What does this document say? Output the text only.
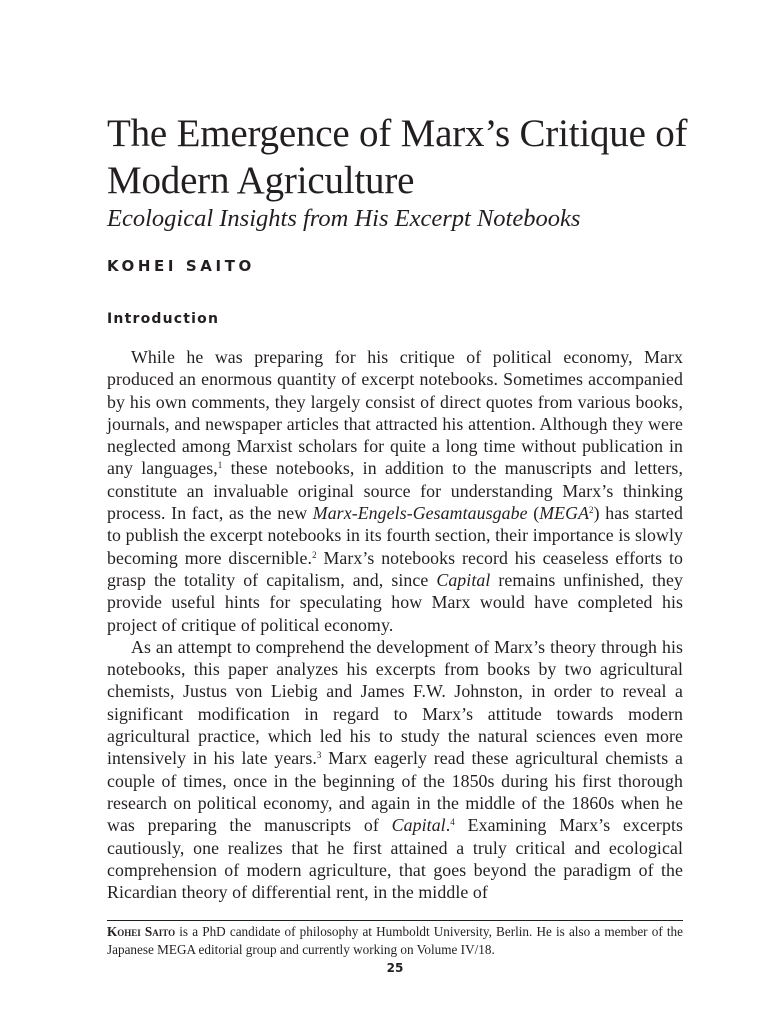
The Emergence of Marx’s Critique of Modern Agriculture
Ecological Insights from His Excerpt Notebooks
KOHEI SAITO
Introduction

While he was preparing for his critique of political economy, Marx produced an enormous quantity of excerpt notebooks. Sometimes accompanied by his own comments, they largely consist of direct quotes from various books, journals, and newspaper articles that attracted his attention. Although they were neglected among Marxist scholars for quite a long time without publication in any languages,$^1$ these notebooks, in addition to the manuscripts and letters, constitute an invaluable original source for understanding Marx’s thinking process. In fact, as the new Marx-Engels-Gesamtausgabe (MEGA$^2$) has started to publish the excerpt notebooks in its fourth section, their importance is slowly becoming more discernible.$^2$ Marx’s notebooks record his ceaseless efforts to grasp the totality of capitalism, and, since Capital remains unfinished, they provide useful hints for speculating how Marx would have completed his project of critique of political economy.

As an attempt to comprehend the development of Marx’s theory through his notebooks, this paper analyzes his excerpts from books by two agricultural chemists, Justus von Liebig and James F.W. Johnston, in order to reveal a significant modification in regard to Marx’s attitude towards modern agricultural practice, which led his to study the natural sciences even more intensively in his late years.$^3$ Marx eagerly read these agricultural chemists a couple of times, once in the beginning of the 1850s during his first thorough research on political economy, and again in the middle of the 1860s when he was preparing the manuscripts of Capital.$^4$ Examining Marx’s excerpts cautiously, one realizes that he first attained a truly critical and ecological comprehension of modern agriculture, that goes beyond the paradigm of the Ricardian theory of differential rent, in the middle of

Kohei Saito is a PhD candidate of philosophy at Humboldt University, Berlin. He is also a member of the Japanese MEGA editorial group and currently working on Volume IV/18.

25
